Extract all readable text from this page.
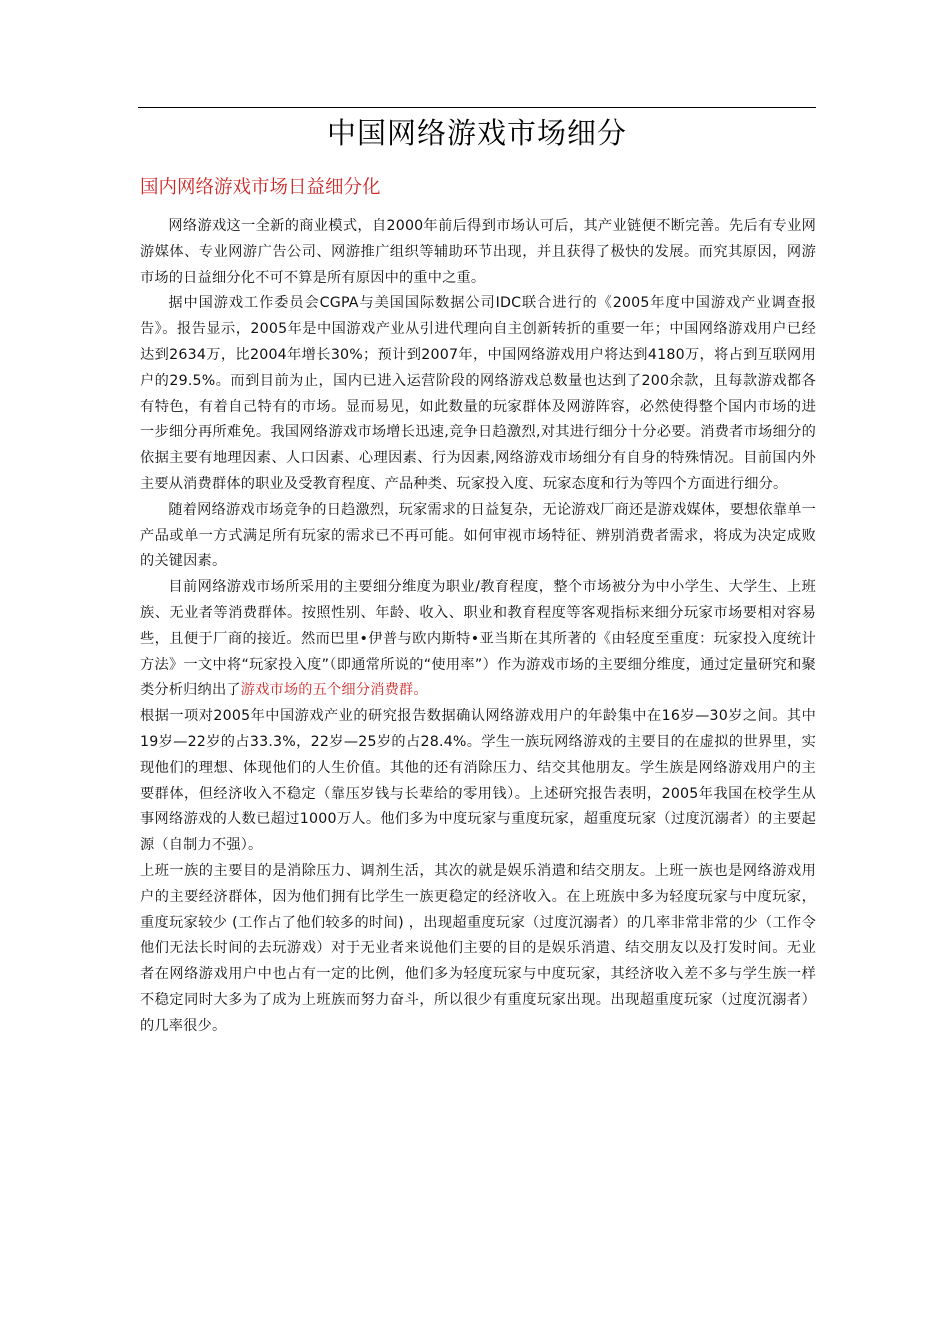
中国网络游戏市场细分
国内网络游戏市场日益细分化

网络游戏这一全新的商业模式，自2000年前后得到市场认可后，其产业链便不断完善。先后有专业网游媒体、专业网游广告公司、网游推广组织等辅助环节出现，并且获得了极快的发展。而究其原因，网游市场的日益细分化不可不算是所有原因中的重中之重。

据中国游戏工作委员会CGPA与美国国际数据公司IDC联合进行的《2005年度中国游戏产业调查报告》。报告显示，2005年是中国游戏产业从引进代理向自主创新转折的重要一年；中国网络游戏用户已经达到2634万，比2004年增长30%；预计到2007年，中国网络游戏用户将达到4180万，将占到互联网用户的29.5%。而到目前为止，国内已进入运营阶段的网络游戏总数量也达到了200余款，且每款游戏都各有特色，有着自己特有的市场。显而易见，如此数量的玩家群体及网游阵容，必然使得整个国内市场的进一步细分再所难免。我国网络游戏市场增长迅速,竞争日趋激烈,对其进行细分十分必要。消费者市场细分的依据主要有地理因素、人口因素、心理因素、行为因素,网络游戏市场细分有自身的特殊情况。目前国内外主要从消费群体的职业及受教育程度、产品种类、玩家投入度、玩家态度和行为等四个方面进行细分。

随着网络游戏市场竞争的日趋激烈，玩家需求的日益复杂，无论游戏厂商还是游戏媒体，要想依靠单一产品或单一方式满足所有玩家的需求已不再可能。如何审视市场特征、辨别消费者需求，将成为决定成败的关键因素。

目前网络游戏市场所采用的主要细分维度为职业/教育程度，整个市场被分为中小学生、大学生、上班族、无业者等消费群体。按照性别、年龄、收入、职业和教育程度等客观指标来细分玩家市场要相对容易些，且便于厂商的接近。然而巴里•伊普与欧内斯特•亚当斯在其所著的《由轻度至重度：玩家投入度统计方法》一文中将“玩家投入度”（即通常所说的“使用率”）作为游戏市场的主要细分维度，通过定量研究和聚类分析归纳出了游戏市场的五个细分消费群。

根据一项对2005年中国游戏产业的研究报告数据确认网络游戏用户的年龄集中在16岁—30岁之间。其中19岁—22岁的占33.3%，22岁—25岁的占28.4%。学生一族玩网络游戏的主要目的在虚拟的世界里，实现他们的理想、体现他们的人生价值。其他的还有消除压力、结交其他朋友。学生族是网络游戏用户的主要群体，但经济收入不稳定（靠压岁钱与长辈给的零用钱）。上述研究报告表明，2005年我国在校学生从事网络游戏的人数已超过1000万人。他们多为中度玩家与重度玩家，超重度玩家（过度沉溺者）的主要起源（自制力不强）。

上班一族的主要目的是消除压力、调剂生活，其次的就是娱乐消遣和结交朋友。上班一族也是网络游戏用户的主要经济群体，因为他们拥有比学生一族更稳定的经济收入。在上班族中多为轻度玩家与中度玩家，重度玩家较少 (工作占了他们较多的时间) ，出现超重度玩家（过度沉溺者）的几率非常非常的少（工作令他们无法长时间的去玩游戏）对于无业者来说他们主要的目的是娱乐消遣、结交朋友以及打发时间。无业者在网络游戏用户中也占有一定的比例，他们多为轻度玩家与中度玩家，其经济收入差不多与学生族一样不稳定同时大多为了成为上班族而努力奋斗，所以很少有重度玩家出现。出现超重度玩家（过度沉溺者）的几率很少。
